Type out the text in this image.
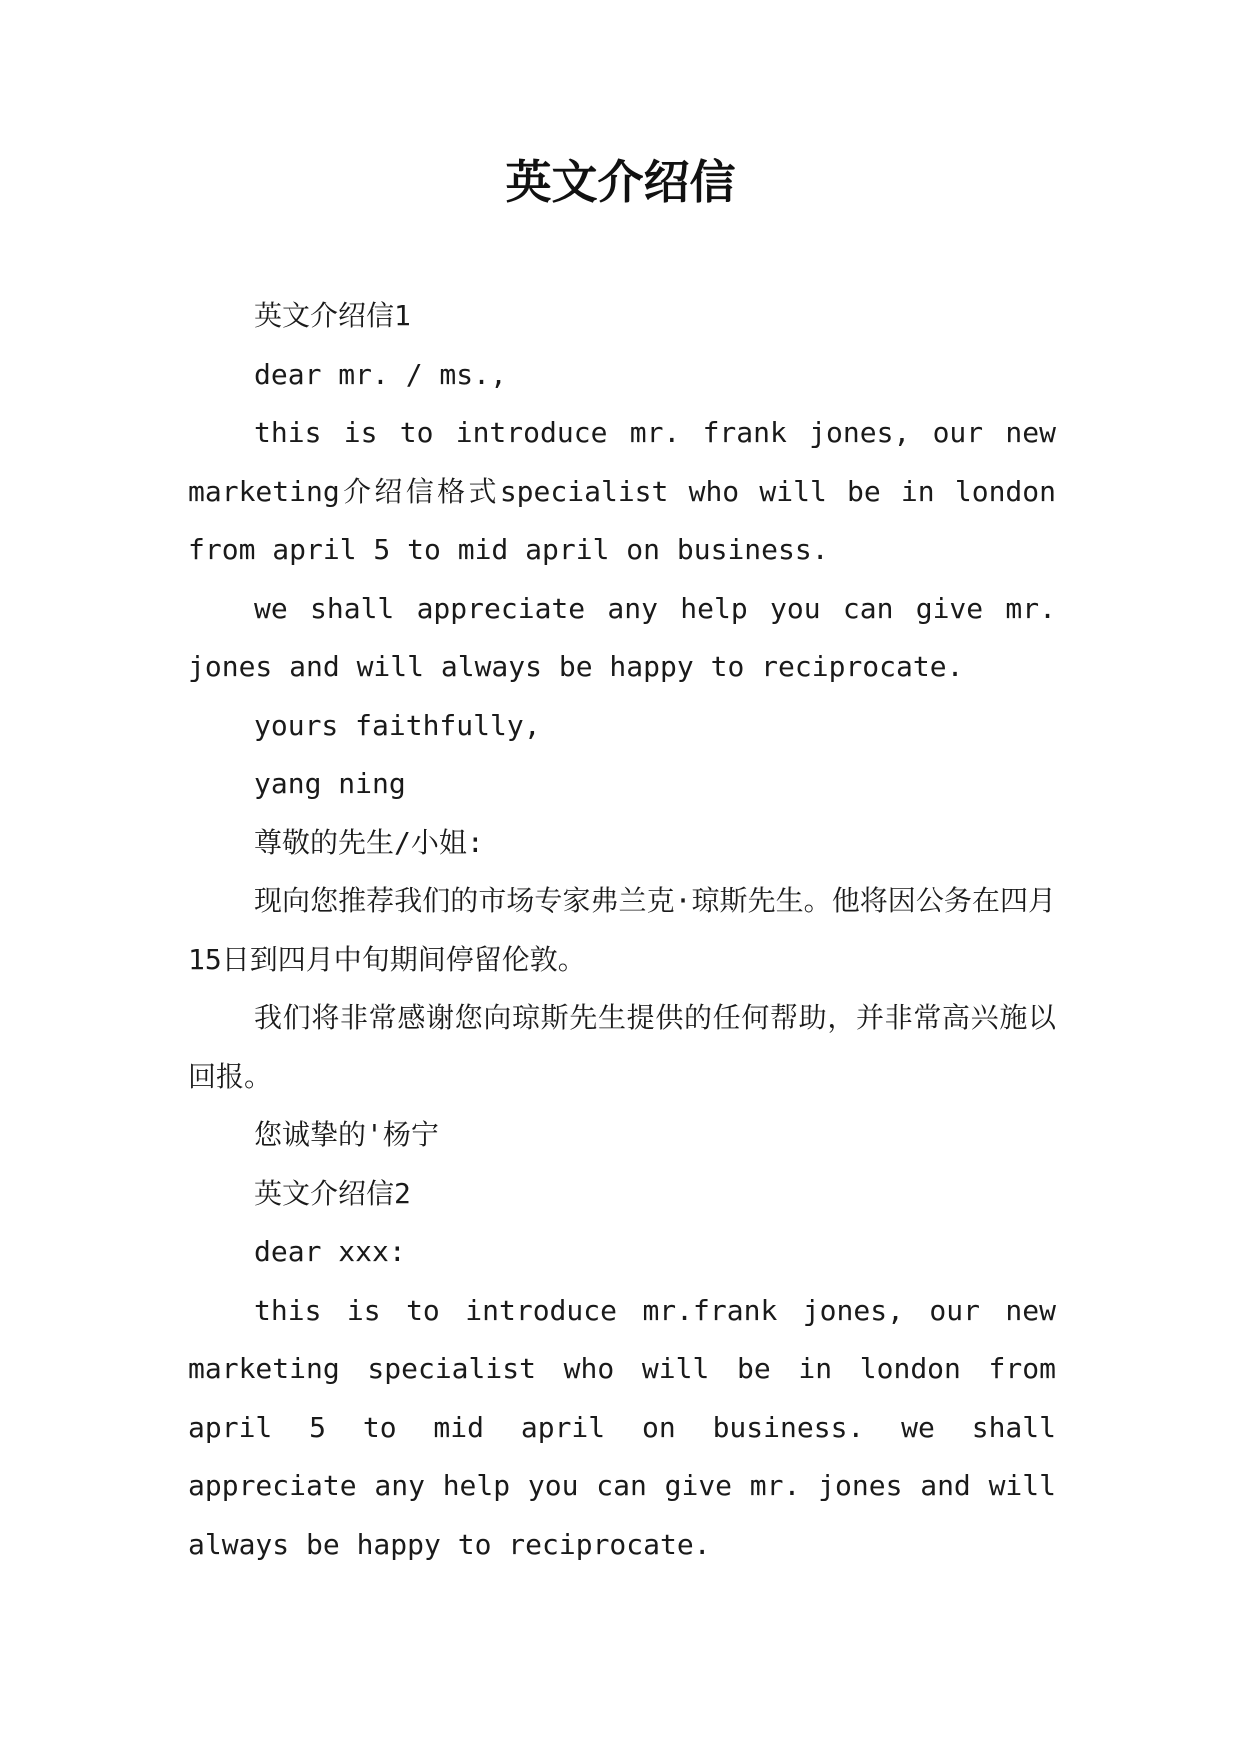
英文介绍信

英文介绍信1

dear mr. / ms.,

this is to introduce mr. frank jones, our new marketing介绍信格式specialist who will be in london from april 5 to mid april on business.

we shall appreciate any help you can give mr. jones and will always be happy to reciprocate.

yours faithfully,

yang ning

尊敬的先生/小姐:

现向您推荐我们的市场专家弗兰克·琼斯先生。他将因公务在四月15日到四月中旬期间停留伦敦。

我们将非常感谢您向琼斯先生提供的任何帮助，并非常高兴施以回报。

您诚挚的'杨宁

英文介绍信2

dear xxx:

this is to introduce mr.frank jones, our new marketing specialist who will be in london from april 5 to mid april on business. we shall appreciate any help you can give mr. jones and will always be happy to reciprocate.
